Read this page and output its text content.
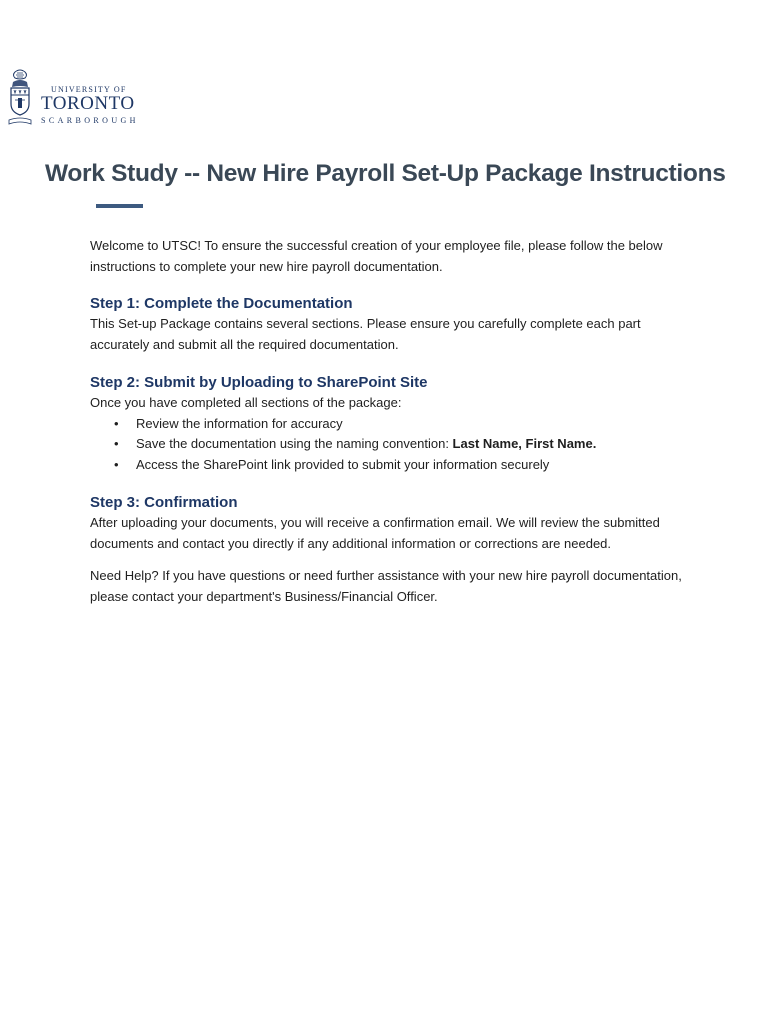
UNIVERSITY OF
TORONTO
SCARBOROUGH
Work Study -- New Hire Payroll Set-Up Package Instructions

Welcome to UTSC! To ensure the successful creation of your employee file, please follow the below instructions to complete your new hire payroll documentation.

Step 1: Complete the Documentation

This Set-up Package contains several sections. Please ensure you carefully complete each part accurately and submit all the required documentation.

Step 2: Submit by Uploading to SharePoint Site

Once you have completed all sections of the package:

• Review the information for accuracy
• Save the documentation using the naming convention: Last Name, First Name.
• Access the SharePoint link provided to submit your information securely
Step 3: Confirmation

After uploading your documents, you will receive a confirmation email. We will review the submitted documents and contact you directly if any additional information or corrections are needed.

Need Help? If you have questions or need further assistance with your new hire payroll documentation, please contact your department's Business/Financial Officer.
